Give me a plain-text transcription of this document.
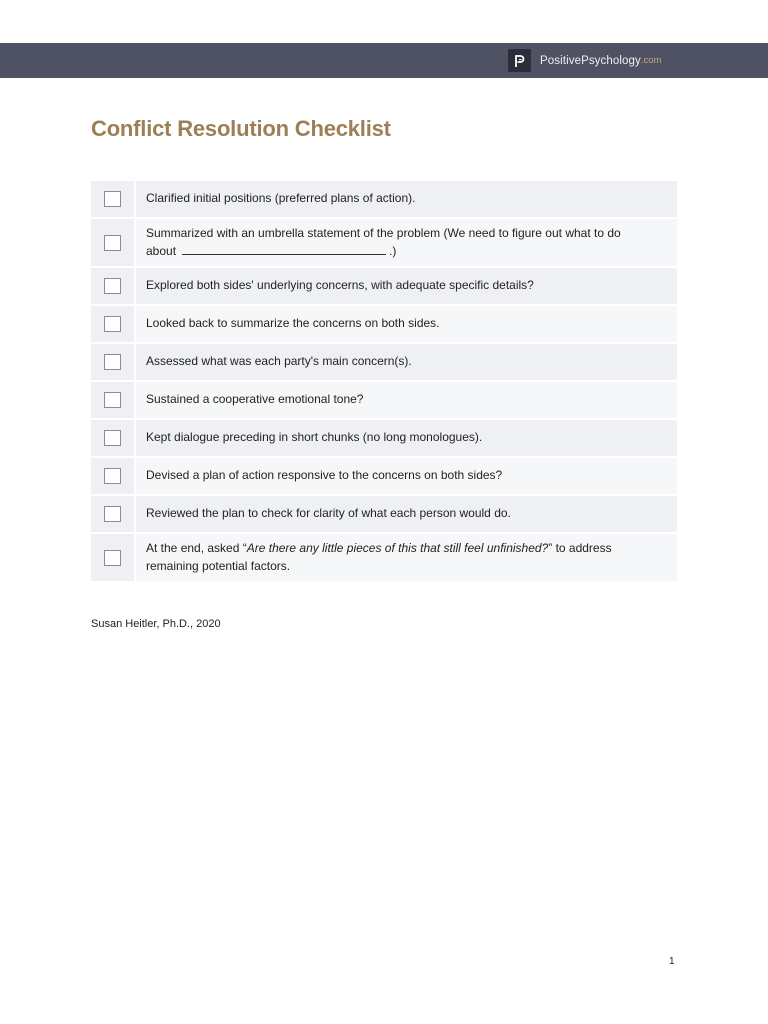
PositivePsychology .com
Conflict Resolution Checklist
Clarified initial positions (preferred plans of action).
Summarized with an umbrella statement of the problem (We need to figure out what to do about	.)
Explored both sides' underlying concerns, with adequate specific details?
Looked back to summarize the concerns on both sides.
Assessed what was each party's main concern(s).
Sustained a cooperative emotional tone?
Kept dialogue preceding in short chunks (no long monologues).
Devised a plan of action responsive to the concerns on both sides?
Reviewed the plan to check for clarity of what each person would do.
At the end, asked “Are there any little pieces of this that still feel unfinished?” to address remaining potential factors.
Susan Heitler, Ph.D., 2020
1
